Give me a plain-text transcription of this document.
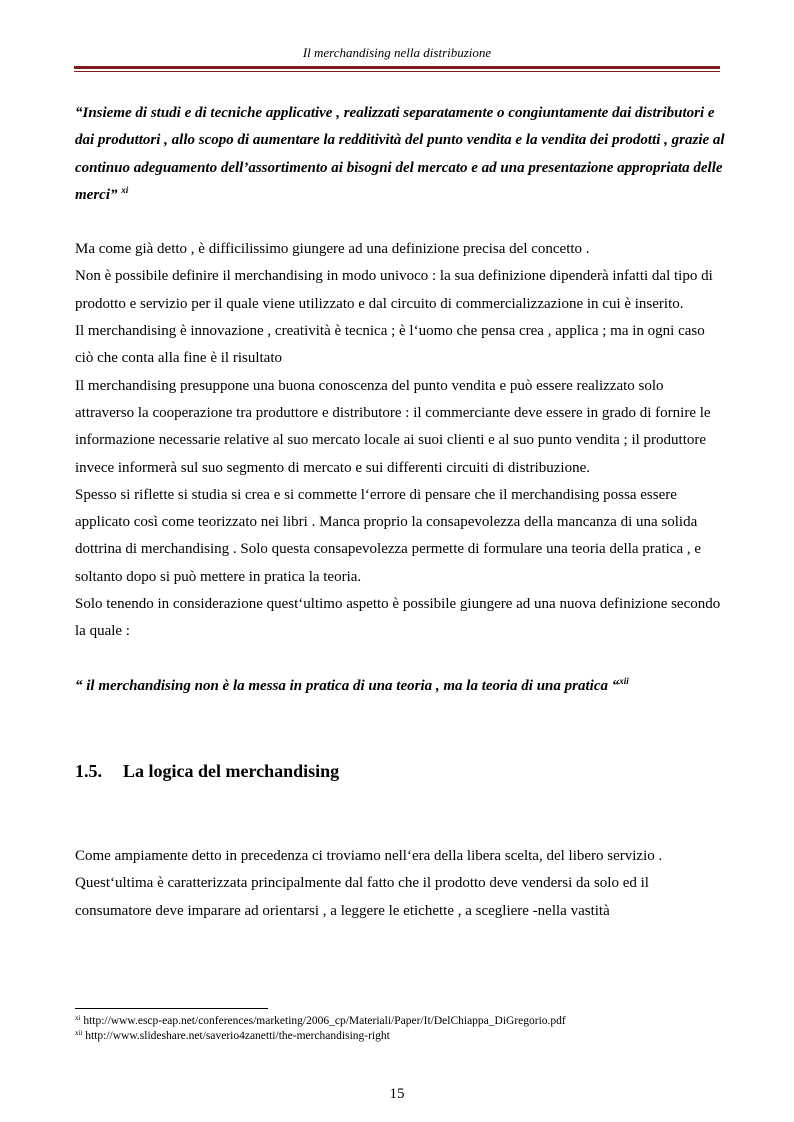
Il merchandising nella distribuzione

“Insieme di studi e di tecniche applicative , realizzati separatamente o congiuntamente dai distributori e dai produttori , allo scopo di aumentare la redditività del punto vendita e la vendita dei prodotti , grazie al continuo adeguamento dell’assortimento ai bisogni del mercato e ad una presentazione appropriata delle merci” $^{xi}$

Ma come già detto , è difficilissimo giungere ad una definizione precisa del concetto .

Non è possibile definire il merchandising in modo univoco : la sua definizione dipenderà infatti dal tipo di prodotto e servizio per il quale viene utilizzato e dal circuito di commercializzazione in cui è inserito.

Il merchandising è innovazione , creatività è tecnica ; è l‘uomo che pensa crea , applica ; ma in ogni caso ciò che conta alla fine è il risultato

Il merchandising presuppone una buona conoscenza del punto vendita e può essere realizzato solo attraverso la cooperazione tra produttore e distributore : il commerciante deve essere in grado di fornire le informazione necessarie relative al suo mercato locale ai suoi clienti e al suo punto vendita ; il produttore invece informerà sul suo segmento di mercato e sui differenti circuiti di distribuzione.

Spesso si riflette si studia si crea e si commette l‘errore di pensare che il merchandising possa essere applicato così come teorizzato nei libri . Manca proprio la consapevolezza della mancanza di una solida dottrina di merchandising . Solo questa consapevolezza permette di formulare una teoria della pratica , e soltanto dopo si può mettere in pratica la teoria.

Solo tenendo in considerazione quest‘ultimo aspetto è possibile giungere ad una nuova definizione secondo la quale :

“ il merchandising non è la messa in pratica di una teoria , ma la teoria di una pratica “$^{xii}$

1.5.	La logica del merchandising

Come ampiamente detto in precedenza ci troviamo nell‘era della libera scelta, del libero servizio . Quest‘ultima è caratterizzata principalmente dal fatto che il prodotto deve vendersi da solo ed il consumatore deve imparare ad orientarsi , a leggere le etichette , a scegliere -nella vastità

$^{xi}$ http://www.escp-eap.net/conferences/marketing/2006_cp/Materiali/Paper/It/DelChiappa_DiGregorio.pdf
$^{xii}$ http://www.slideshare.net/saverio4zanetti/the-merchandising-right
15
